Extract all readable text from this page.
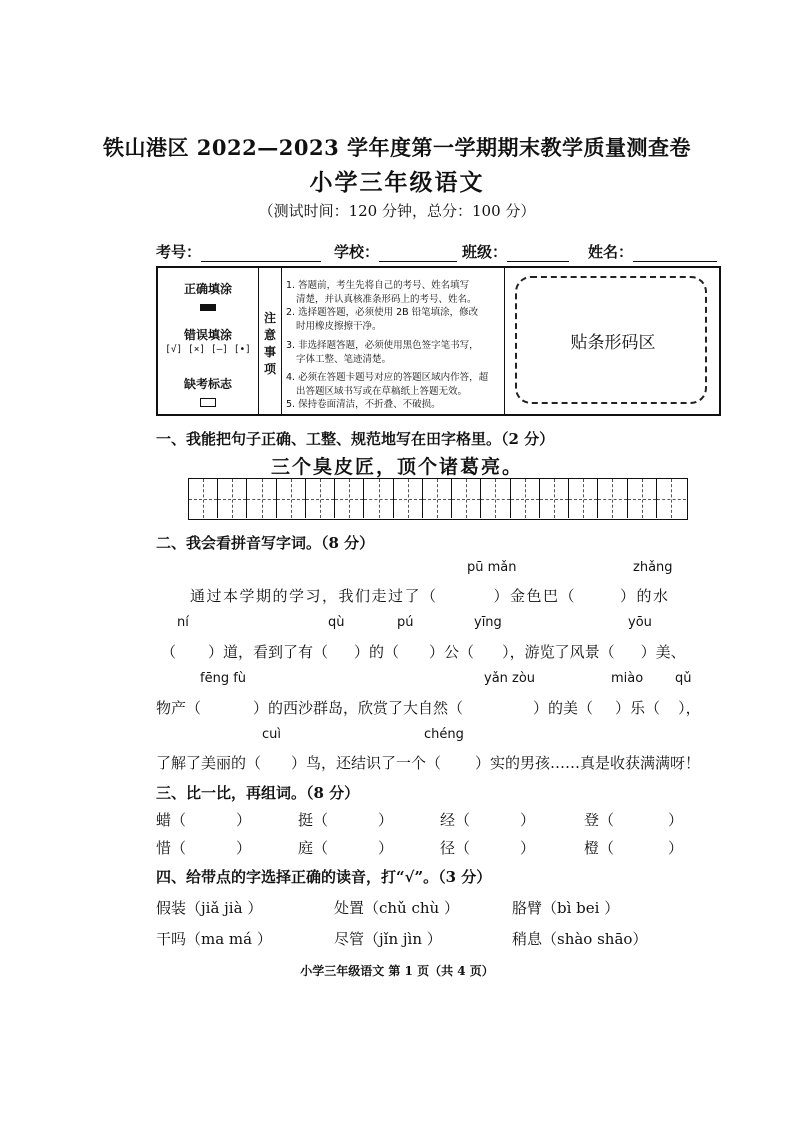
铁山港区 2022—2023 学年度第一学期期末教学质量测查卷
小学三年级语文
（测试时间：120 分钟，总分：100 分）
考号：	学校：	班级：	姓名：
正确填涂
错误填涂
[√] [×] [—] [•]
缺考标志
注
意
事
项
1. 答题前，考生先将自己的考号、姓名填写
清楚，并认真核准条形码上的考号、姓名。
2. 选择题答题，必须使用 2B 铅笔填涂，修改
时用橡皮擦擦干净。
3. 非选择题答题，必须使用黑色签字笔书写，
字体工整、笔迹清楚。
4. 必须在答题卡题号对应的答题区域内作答，超
出答题区域书写或在草稿纸上答题无效。
5. 保持卷面清洁，不折叠、不破损。
贴条形码区
一、我能把句子正确、工整、规范地写在田字格里。（2 分）
三个臭皮匠，顶个诸葛亮。
二、我会看拼音写字词。（8 分）
pū mǎn	zhǎng
通过本学期的学习，我们走过了（	）金色巴（	）的水
ní	qù	pú	yīng	yōu
（ ）道，看到了有（ ）的（ ）公（ ），游览了风景（ ）美、
fēng fù	yǎn zòu	miào qǔ
物产（	）的西沙群岛，欣赏了大自然（	）的美（ ）乐（ ），
cuì	chéng
了解了美丽的（ ）鸟，还结识了一个（ ）实的男孩……真是收获满满呀！
三、比一比，再组词。（8 分）
蜡（	）	挺（	）	经（	）	登（	）
惜（	）	庭（	）	径（	）	橙（	）
四、给带点的字选择正确的读音，打“√”。（3 分）
假装（jiǎ jià ）	处置（chǔ chù ）	胳臂（bì bei ）
干吗（ma má ）	尽管（jǐn jìn ）	稍息（shào shāo）
小学三年级语文 第 1 页（共 4 页）
